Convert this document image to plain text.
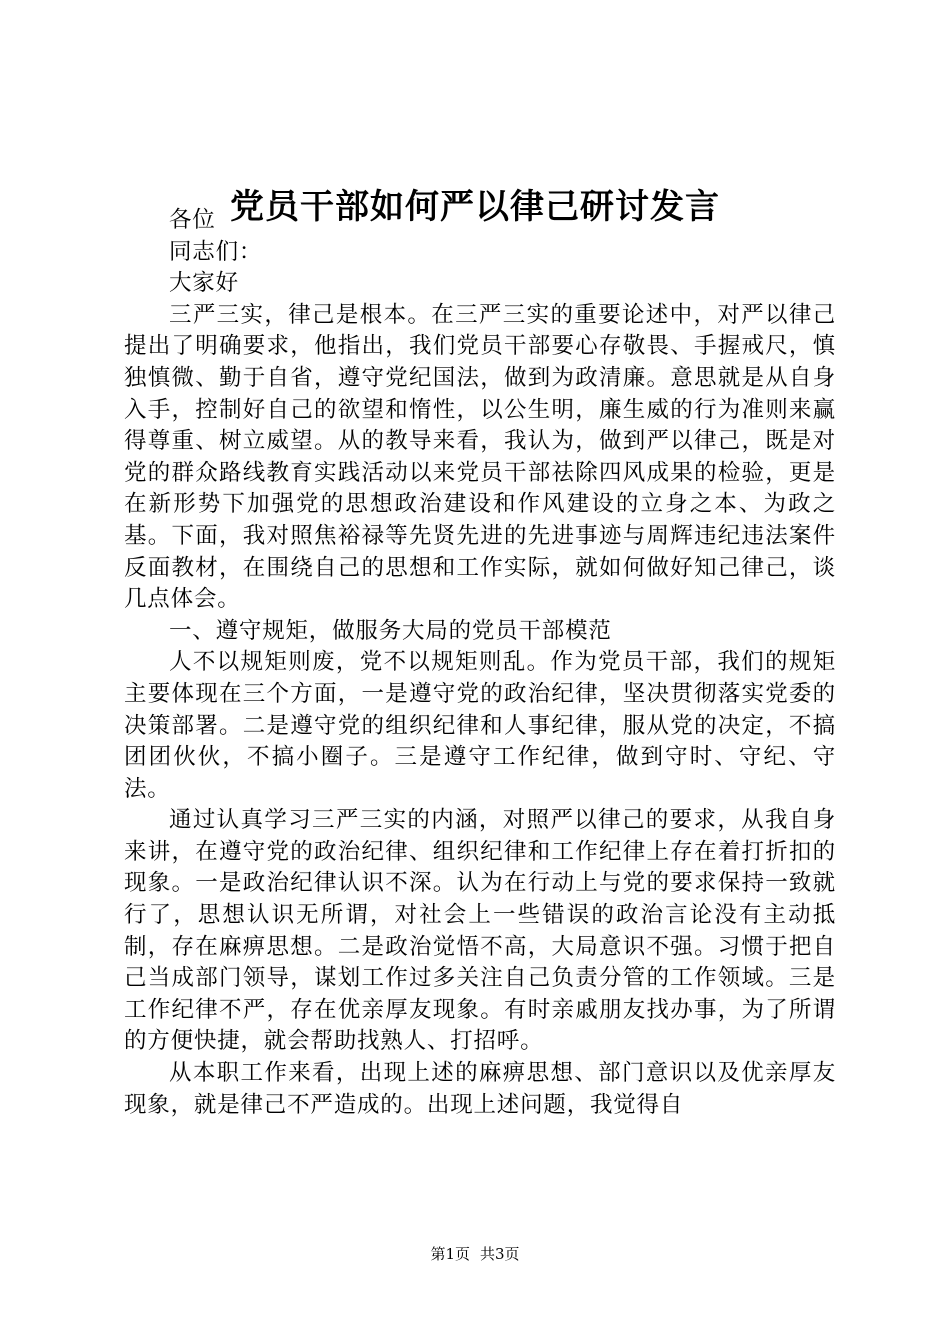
党员干部如何严以律己研讨发言

各位

同志们：

大家好

三严三实，律己是根本。在三严三实的重要论述中，对严以律己提出了明确要求，他指出，我们党员干部要心存敬畏、手握戒尺，慎独慎微、勤于自省，遵守党纪国法，做到为政清廉。意思就是从自身入手，控制好自己的欲望和惰性，以公生明，廉生威的行为准则来赢得尊重、树立威望。从的教导来看，我认为，做到严以律己，既是对党的群众路线教育实践活动以来党员干部祛除四风成果的检验，更是在新形势下加强党的思想政治建设和作风建设的立身之本、为政之基。下面，我对照焦裕禄等先贤先进的先进事迹与周辉违纪违法案件反面教材，在围绕自己的思想和工作实际，就如何做好知己律己，谈几点体会。

一、遵守规矩，做服务大局的党员干部模范

人不以规矩则废，党不以规矩则乱。作为党员干部，我们的规矩主要体现在三个方面，一是遵守党的政治纪律，坚决贯彻落实党委的决策部署。二是遵守党的组织纪律和人事纪律，服从党的决定，不搞团团伙伙，不搞小圈子。三是遵守工作纪律，做到守时、守纪、守法。

通过认真学习三严三实的内涵，对照严以律己的要求，从我自身来讲，在遵守党的政治纪律、组织纪律和工作纪律上存在着打折扣的现象。一是政治纪律认识不深。认为在行动上与党的要求保持一致就行了，思想认识无所谓，对社会上一些错误的政治言论没有主动抵制，存在麻痹思想。二是政治觉悟不高，大局意识不强。习惯于把自己当成部门领导，谋划工作过多关注自己负责分管的工作领域。三是工作纪律不严，存在优亲厚友现象。有时亲戚朋友找办事，为了所谓的方便快捷，就会帮助找熟人、打招呼。

从本职工作来看，出现上述的麻痹思想、部门意识以及优亲厚友现象，就是律己不严造成的。出现上述问题，我觉得自

第1页 共3页
